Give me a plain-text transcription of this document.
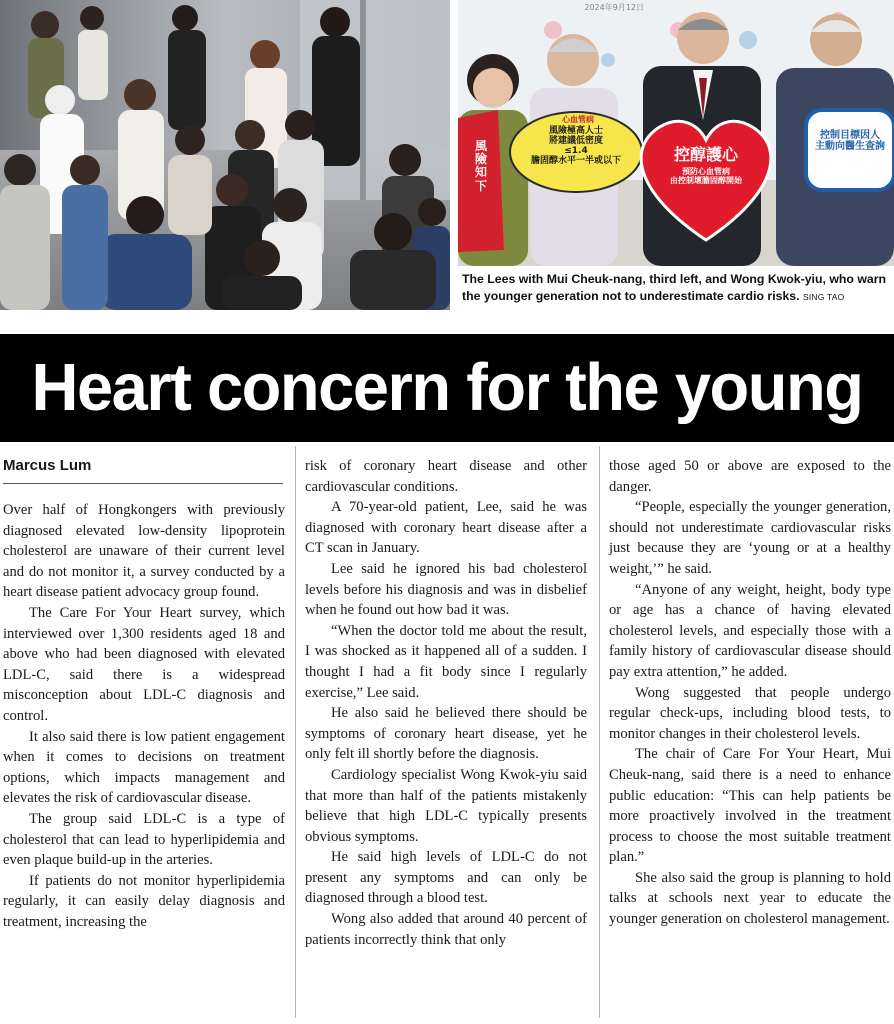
2024年9月12日
風
險
知
下
心血管病
風險極高人士
將建議低密度
≤1.4
膽固醇水平一半或以下	控醇護心
預防心血管病
由控制壞膽固醇開始
控制目標因人
主動向醫生查詢
The Lees with Mui Cheuk-nang, third left, and Wong Kwok-yiu, who warn the younger generation not to underestimate cardio risks. SING TAO
Heart concern for the young
Marcus Lum

Over half of Hongkongers with previously diagnosed elevated low-density lipoprotein cholesterol are unaware of their current level and do not monitor it, a survey conducted by a heart disease patient advocacy group found.

The Care For Your Heart survey, which interviewed over 1,300 residents aged 18 and above who had been diagnosed with elevated LDL-C, said there is a widespread misconception about LDL-C diagnosis and control.

It also said there is low patient engagement when it comes to decisions on treatment options, which impacts management and elevates the risk of cardiovascular disease.

The group said LDL-C is a type of cholesterol that can lead to hyperlipidemia and even plaque build-up in the arteries.

If patients do not monitor hyperlipidemia regularly, it can easily delay diagnosis and treatment, increasing the

risk of coronary heart disease and other cardiovascular conditions.

A 70-year-old patient, Lee, said he was diagnosed with coronary heart disease after a CT scan in January.

Lee said he ignored his bad cholesterol levels before his diagnosis and was in disbelief when he found out how bad it was.

“When the doctor told me about the result, I was shocked as it happened all of a sudden. I thought I had a fit body since I regularly exercise,” Lee said.

He also said he believed there should be symptoms of coronary heart disease, yet he only felt ill shortly before the diagnosis.

Cardiology specialist Wong Kwok-yiu said that more than half of the patients mistakenly believe that high LDL-C typically presents obvious symptoms.

He said high levels of LDL-C do not present any symptoms and can only be diagnosed through a blood test.

Wong also added that around 40 percent of patients incorrectly think that only

those aged 50 or above are exposed to the danger.

“People, especially the younger generation, should not underestimate cardiovascular risks just because they are ‘young or at a healthy weight,’” he said.

“Anyone of any weight, height, body type or age has a chance of having elevated cholesterol levels, and especially those with a family history of cardiovascular disease should pay extra attention,” he added.

Wong suggested that people undergo regular check-ups, including blood tests, to monitor changes in their cholesterol levels.

The chair of Care For Your Heart, Mui Cheuk-nang, said there is a need to enhance public education: “This can help patients be more proactively involved in the treatment process to choose the most suitable treatment plan.”

She also said the group is planning to hold talks at schools next year to educate the younger generation on cholesterol management.
